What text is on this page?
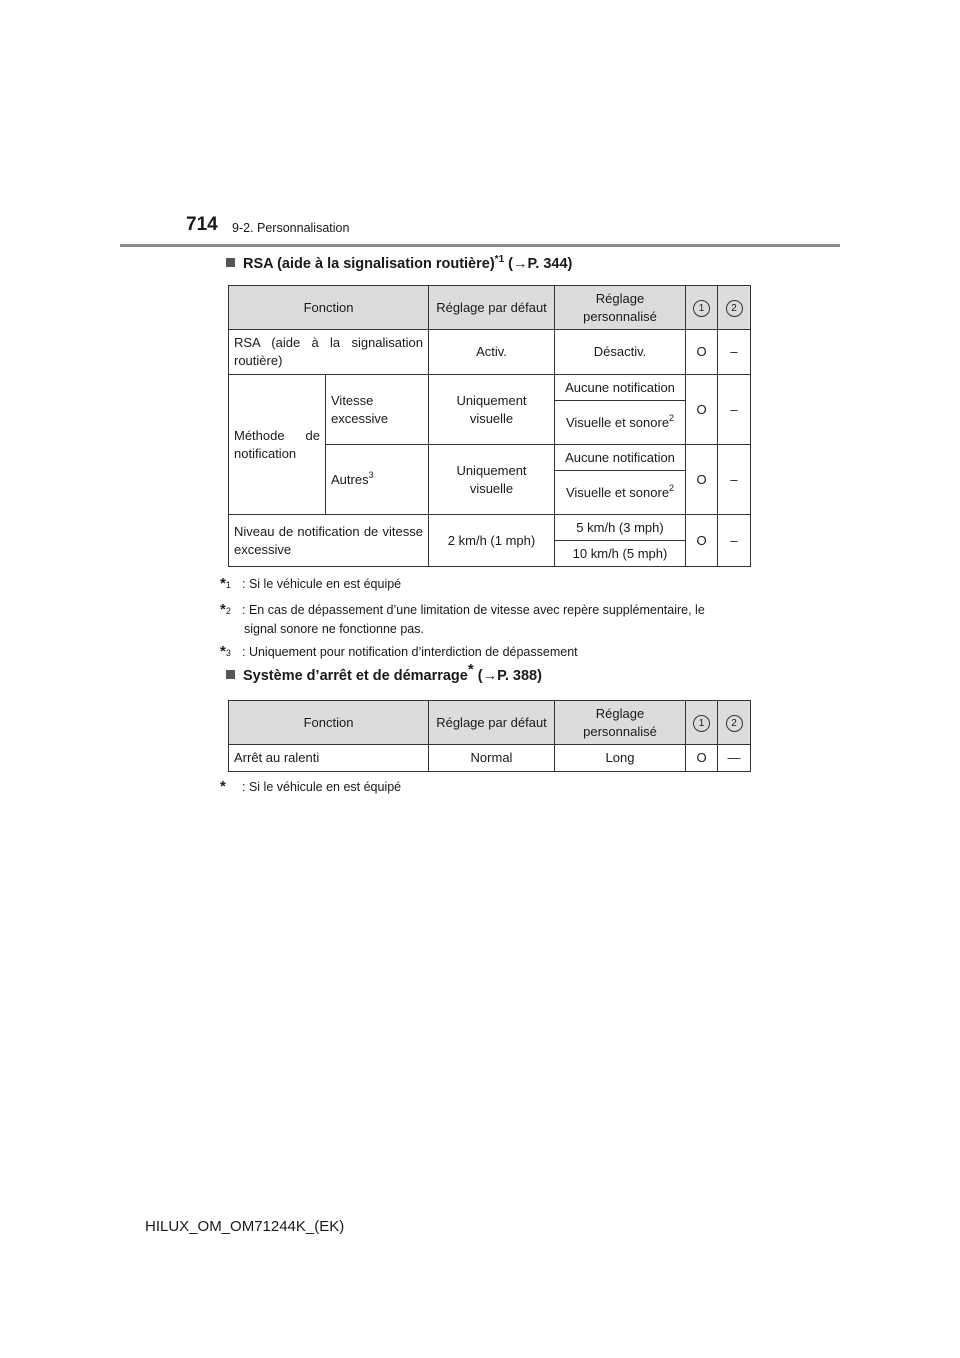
714 9-2. Personnalisation
RSA (aide à la signalisation routière)$^{*1}$ (→P. 344)
Fonction		Réglage par défaut	Réglage personnalisé	1	2
RSA (aide à la signalisation routière)		Activ.	Désactiv.	O	–
Méthode de notification	Vitesse excessive	Uniquement visuelle	Aucune notification	O	–
			Visuelle et sonore$^2$
	Autres$^3$	Uniquement visuelle	Aucune notification	O	–
			Visuelle et sonore$^2$
Niveau de notification de vitesse excessive		2 km/h (1 mph)	5 km/h (3 mph)	O	–
			10 km/h (5 mph)		
*1 : Si le véhicule en est équipé
*2 : En cas de dépassement d’une limitation de vitesse avec repère supplémentaire, le
signal sonore ne fonctionne pas.
*3 : Uniquement pour notification d’interdiction de dépassement
Système d’arrêt et de démarrage* (→P. 388)
Fonction	Réglage par défaut	Réglage personnalisé	1	2
Arrêt au ralenti	Normal	Long	O	—
* : Si le véhicule en est équipé
HILUX_OM_OM71244K_(EK)
